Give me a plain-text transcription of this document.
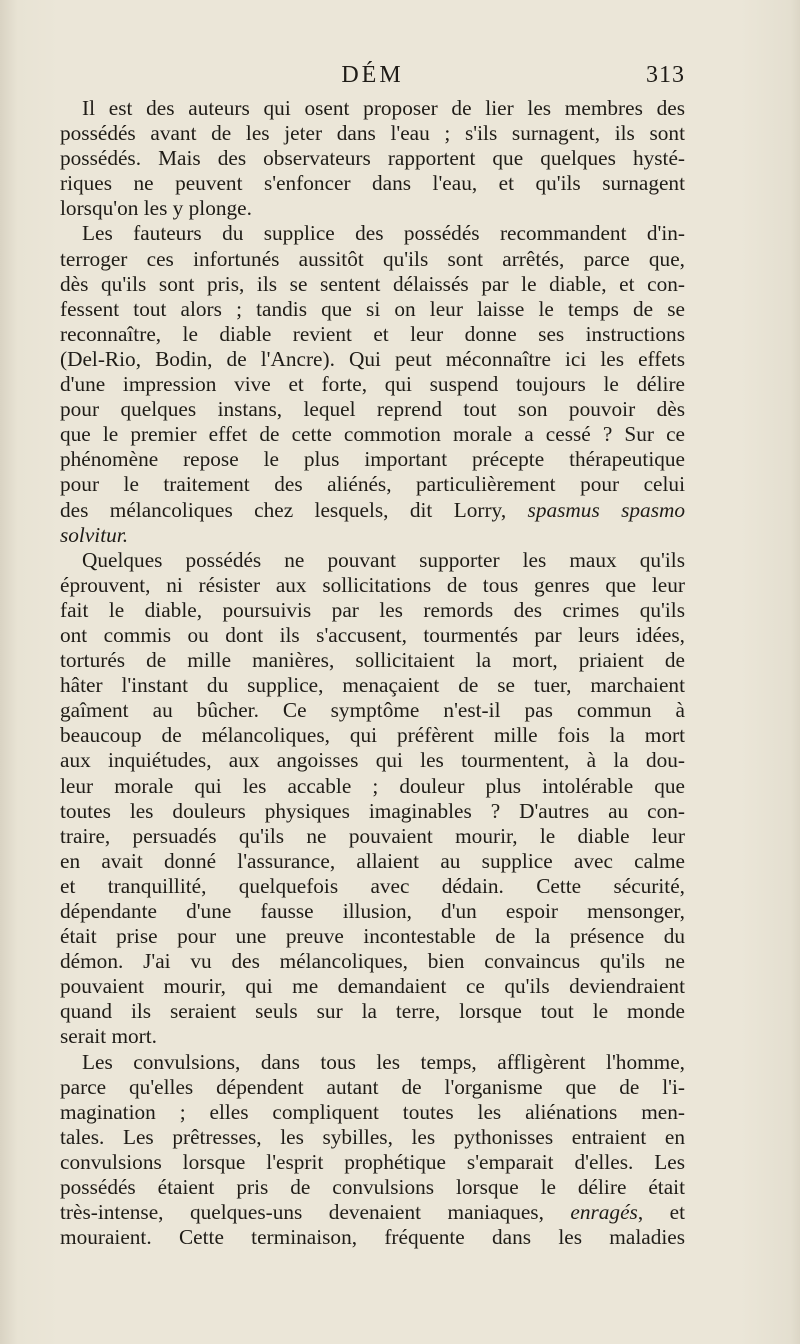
DÉM	313
Il est des auteurs qui osent proposer de lier les membres des
possédés avant de les jeter dans l'eau ; s'ils surnagent, ils sont
possédés. Mais des observateurs rapportent que quelques hysté-
riques ne peuvent s'enfoncer dans l'eau, et qu'ils surnagent
lorsqu'on les y plonge.
Les fauteurs du supplice des possédés recommandent d'in-
terroger ces infortunés aussitôt qu'ils sont arrêtés, parce que,
dès qu'ils sont pris, ils se sentent délaissés par le diable, et con-
fessent tout alors ; tandis que si on leur laisse le temps de se
reconnaître, le diable revient et leur donne ses instructions
(Del-Rio, Bodin, de l'Ancre). Qui peut méconnaître ici les effets
d'une impression vive et forte, qui suspend toujours le délire
pour quelques instans, lequel reprend tout son pouvoir dès
que le premier effet de cette commotion morale a cessé ? Sur ce
phénomène repose le plus important précepte thérapeutique
pour le traitement des aliénés, particulièrement pour celui
des mélancoliques chez lesquels, dit Lorry, spasmus spasmo
solvitur.
Quelques possédés ne pouvant supporter les maux qu'ils
éprouvent, ni résister aux sollicitations de tous genres que leur
fait le diable, poursuivis par les remords des crimes qu'ils
ont commis ou dont ils s'accusent, tourmentés par leurs idées,
torturés de mille manières, sollicitaient la mort, priaient de
hâter l'instant du supplice, menaçaient de se tuer, marchaient
gaîment au bûcher. Ce symptôme n'est-il pas commun à
beaucoup de mélancoliques, qui préfèrent mille fois la mort
aux inquiétudes, aux angoisses qui les tourmentent, à la dou-
leur morale qui les accable ; douleur plus intolérable que
toutes les douleurs physiques imaginables ? D'autres au con-
traire, persuadés qu'ils ne pouvaient mourir, le diable leur
en avait donné l'assurance, allaient au supplice avec calme
et tranquillité, quelquefois avec dédain. Cette sécurité,
dépendante d'une fausse illusion, d'un espoir mensonger,
était prise pour une preuve incontestable de la présence du
démon. J'ai vu des mélancoliques, bien convaincus qu'ils ne
pouvaient mourir, qui me demandaient ce qu'ils deviendraient
quand ils seraient seuls sur la terre, lorsque tout le monde
serait mort.
Les convulsions, dans tous les temps, affligèrent l'homme,
parce qu'elles dépendent autant de l'organisme que de l'i-
magination ; elles compliquent toutes les aliénations men-
tales. Les prêtresses, les sybilles, les pythonisses entraient en
convulsions lorsque l'esprit prophétique s'emparait d'elles. Les
possédés étaient pris de convulsions lorsque le délire était
très-intense, quelques-uns devenaient maniaques, enragés, et
mouraient. Cette terminaison, fréquente dans les maladies
